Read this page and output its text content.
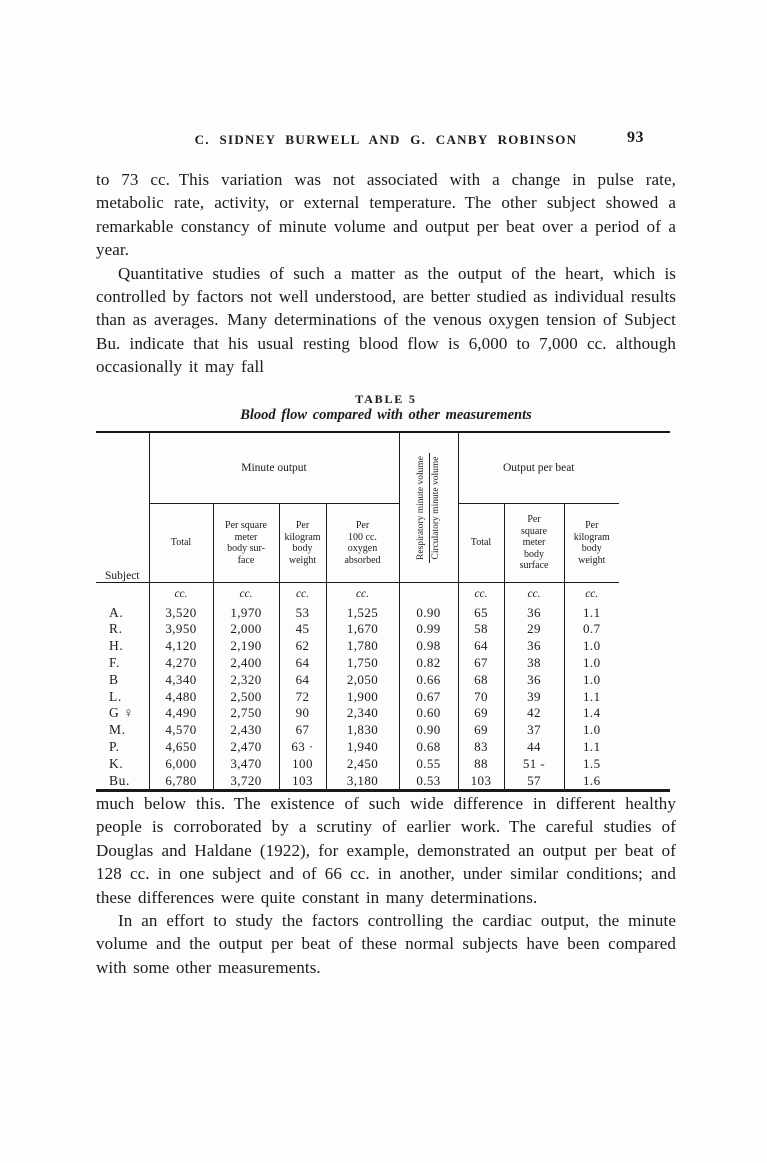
C. SIDNEY BURWELL AND G. CANBY ROBINSON	93

to 73 cc. This variation was not associated with a change in pulse rate, metabolic rate, activity, or external temperature. The other subject showed a remarkable constancy of minute volume and output per beat over a period of a year.

Quantitative studies of such a matter as the output of the heart, which is controlled by factors not well understood, are better studied as individual results than as averages. Many determinations of the venous oxygen tension of Subject Bu. indicate that his usual resting blood flow is 6,000 to 7,000 cc. although occasionally it may fall

TABLE 5
Blood flow compared with other measurements
Subject	Minute output				Respiratory minute volume Circulatory minute volume	Output per beat		
	Total	Per square
meter
body sur-
face	Per
kilogram
body
weight	Per
100 cc.
oxygen
absorbed		Total	Per
square
meter
body
surface	Per
kilogram
body
weight
	cc.	cc.	cc.	cc.		cc.	cc.	cc.
A.	3,520	1,970	53	1,525	0.90	65	36	1.1
R.	3,950	2,000	45	1,670	0.99	58	29	0.7
H.	4,120	2,190	62	1,780	0.98	64	36	1.0
F.	4,270	2,400	64	1,750	0.82	67	38	1.0
B	4,340	2,320	64	2,050	0.66	68	36	1.0
L.	4,480	2,500	72	1,900	0.67	70	39	1.1
G ♀	4,490	2,750	90	2,340	0.60	69	42	1.4
M.	4,570	2,430	67	1,830	0.90	69	37	1.0
P.	4,650	2,470	63 ·	1,940	0.68	83	44	1.1
K.	6,000	3,470	100	2,450	0.55	88	51 -	1.5
Bu.	6,780	3,720	103	3,180	0.53	103	57	1.6

much below this. The existence of such wide difference in different healthy people is corroborated by a scrutiny of earlier work. The careful studies of Douglas and Haldane (1922), for example, demonstrated an output per beat of 128 cc. in one subject and of 66 cc. in another, under similar conditions; and these differences were quite constant in many determinations.

In an effort to study the factors controlling the cardiac output, the minute volume and the output per beat of these normal subjects have been compared with some other measurements.
